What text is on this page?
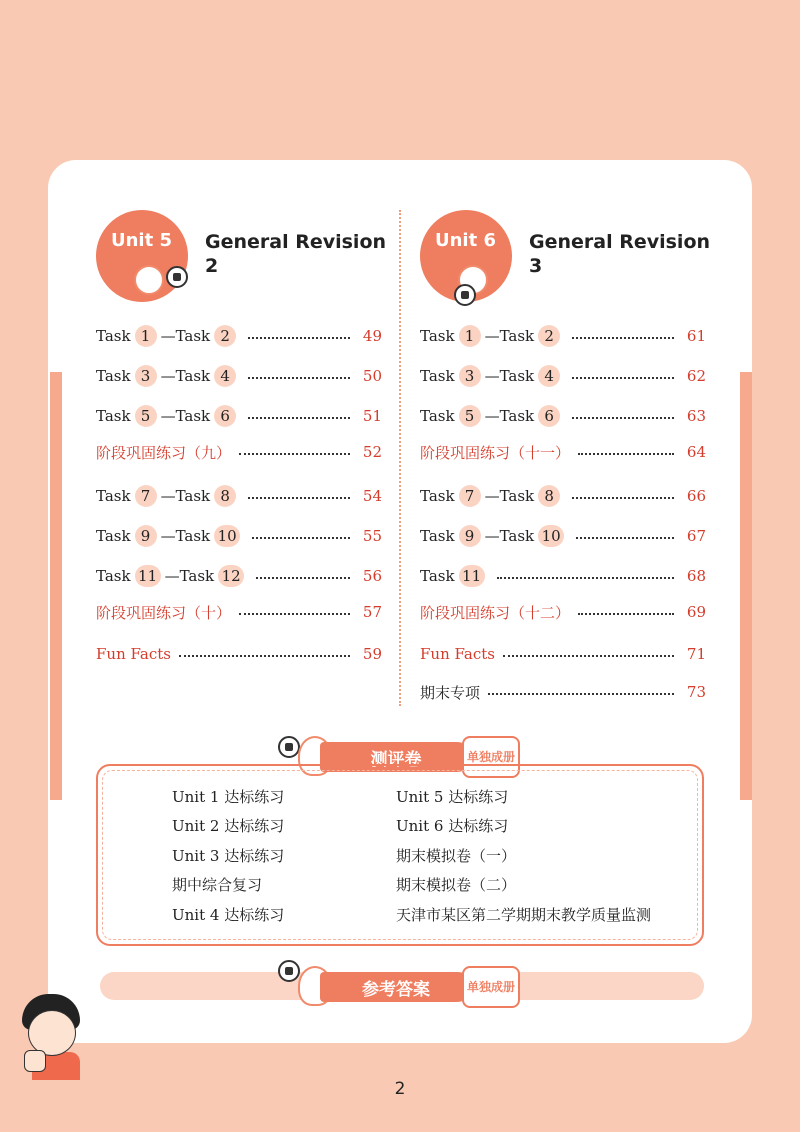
Unit 5 General Revision 2
Task 1 —Task 2	49
Task 3 —Task 4	50
Task 5 —Task 6	51
阶段巩固练习（九）	52
Task 7 —Task 8	54
Task 9 —Task 10	55
Task 11 —Task 12	56
阶段巩固练习（十）	57
Fun Facts	59
Unit 6 General Revision 3
Task 1 —Task 2	61
Task 3 —Task 4	62
Task 5 —Task 6	63
阶段巩固练习（十一）	64
Task 7 —Task 8	66
Task 9 —Task 10	67
Task 11	68
阶段巩固练习（十二）	69
Fun Facts	71
期末专项	73
测评卷	单独成册
Unit 1 达标练习
Unit 2 达标练习
Unit 3 达标练习
期中综合复习
Unit 4 达标练习
Unit 5 达标练习
Unit 6 达标练习
期末模拟卷（一）
期末模拟卷（二）
天津市某区第二学期期末教学质量监测
参考答案	单独成册
2
